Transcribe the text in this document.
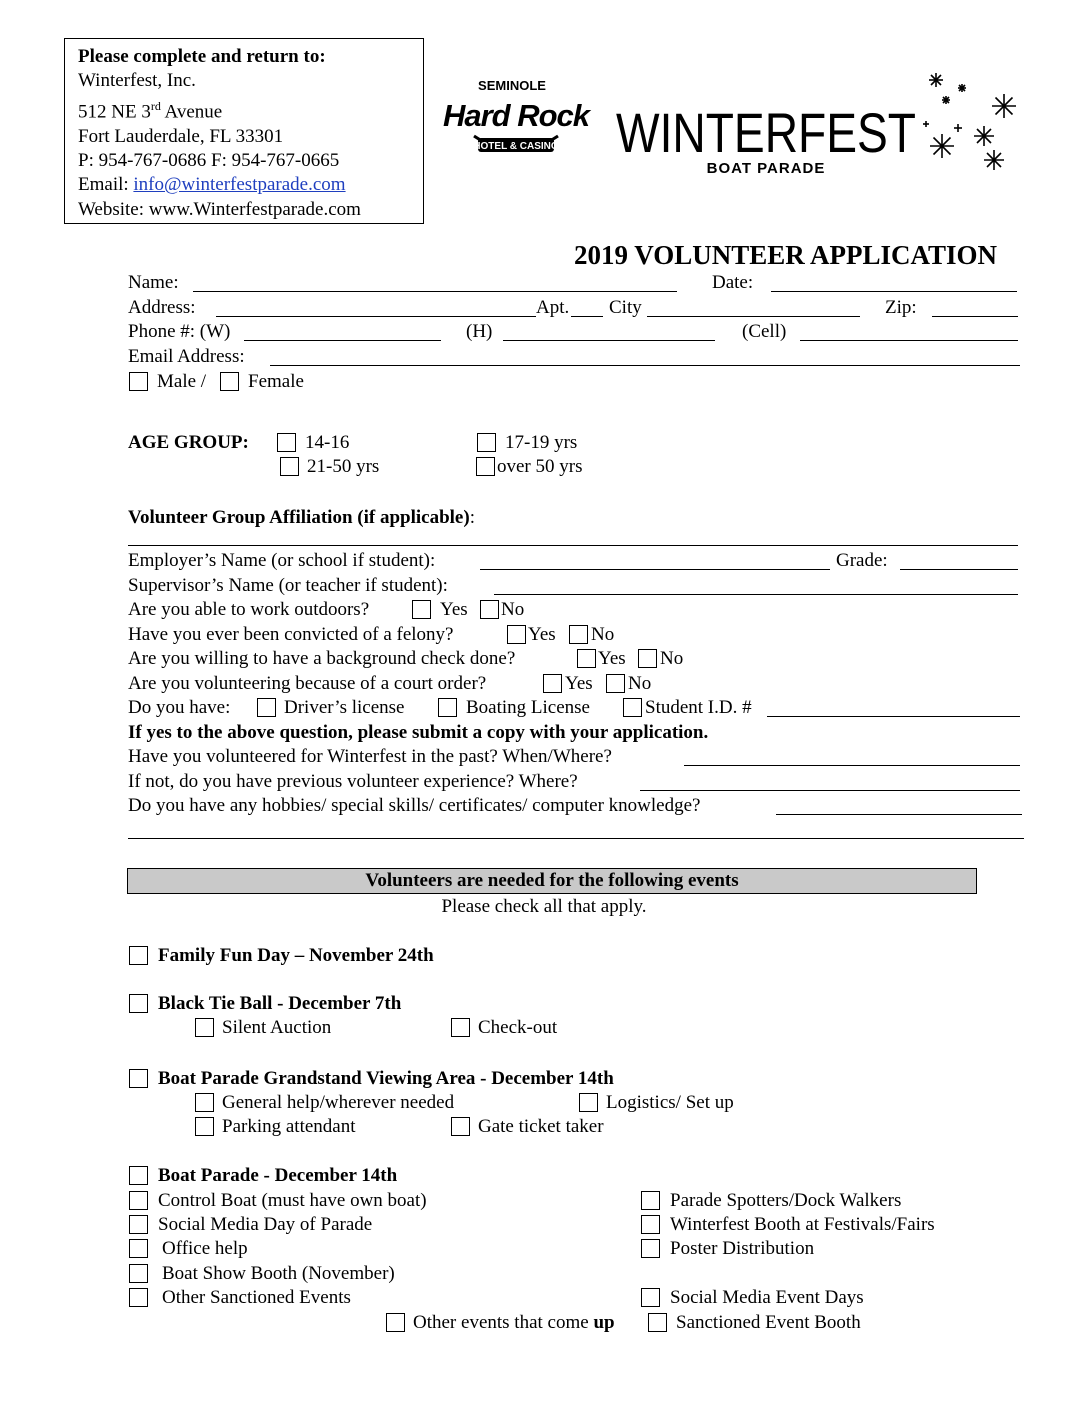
Please complete and return to:
Winterfest, Inc.
512 NE 3rd Avenue
Fort Lauderdale, FL 33301
P: 954-767-0686 F: 954-767-0665
Email: info@winterfestparade.com
Website: www.Winterfestparade.com
SEMINOLE
Hard Rock
HOTEL & CASINO WINTERFEST
BOAT PARADE
2019 VOLUNTEER APPLICATION
Name:	Date:
Address:	Apt. City	Zip:
Phone #: (W)	(H)	(Cell)
Email Address:
Male / Female
AGE GROUP:	14-16	17-19 yrs
21-50 yrs	over 50 yrs
Volunteer Group Affiliation (if applicable):
Employer’s Name (or school if student):	Grade:
Supervisor’s Name (or teacher if student):
Are you able to work outdoors?	Yes No
Have you ever been convicted of a felony?	Yes No
Are you willing to have a background check done?	Yes No
Are you volunteering because of a court order?	Yes No
Do you have:	Driver’s license	Boating License	Student I.D. #
If yes to the above question, please submit a copy with your application.
Have you volunteered for Winterfest in the past? When/Where?
If not, do you have previous volunteer experience? Where?
Do you have any hobbies/ special skills/ certificates/ computer knowledge?
Volunteers are needed for the following events
Please check all that apply.
Family Fun Day – November 24th
Black Tie Ball - December 7th
Silent Auction	Check-out
Boat Parade Grandstand Viewing Area - December 14th
General help/wherever needed	Logistics/ Set up
Parking attendant	Gate ticket taker
Boat Parade - December 14th
Control Boat (must have own boat)	Parade Spotters/Dock Walkers
Social Media Day of Parade	Winterfest Booth at Festivals/Fairs
Office help	Poster Distribution
Boat Show Booth (November)
Other Sanctioned Events	Social Media Event Days
Other events that come up	Sanctioned Event Booth
